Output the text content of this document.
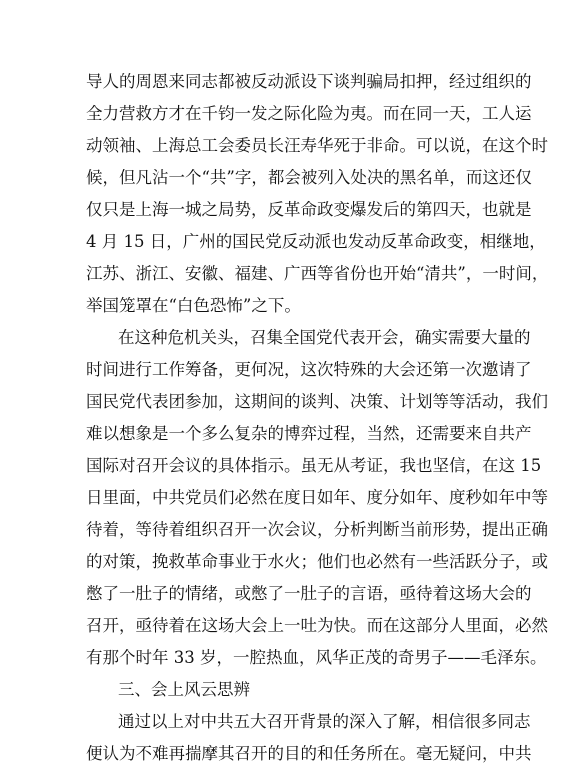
导人的周恩来同志都被反动派设下谈判骗局扣押，经过组织的
全力营救方才在千钧一发之际化险为夷。而在同一天，工人运
动领袖、上海总工会委员长汪寿华死于非命。可以说，在这个时
候，但凡沾一个“共”字，都会被列入处决的黑名单，而这还仅
仅只是上海一城之局势，反革命政变爆发后的第四天，也就是
4 月 15 日，广州的国民党反动派也发动反革命政变，相继地，
江苏、浙江、安徽、福建、广西等省份也开始“清共”，一时间，
举国笼罩在“白色恐怖”之下。
在这种危机关头，召集全国党代表开会，确实需要大量的
时间进行工作筹备，更何况，这次特殊的大会还第一次邀请了
国民党代表团参加，这期间的谈判、决策、计划等等活动，我们
难以想象是一个多么复杂的博弈过程，当然，还需要来自共产
国际对召开会议的具体指示。虽无从考证，我也坚信，在这 15
日里面，中共党员们必然在度日如年、度分如年、度秒如年中等
待着，等待着组织召开一次会议，分析判断当前形势，提出正确
的对策，挽救革命事业于水火；他们也必然有一些活跃分子，或
憋了一肚子的情绪，或憋了一肚子的言语，亟待着这场大会的
召开，亟待着在这场大会上一吐为快。而在这部分人里面，必然
有那个时年 33 岁，一腔热血，风华正茂的奇男子——毛泽东。
三、会上风云思辨
通过以上对中共五大召开背景的深入了解，相信很多同志
便认为不难再揣摩其召开的目的和任务所在。毫无疑问，中共
